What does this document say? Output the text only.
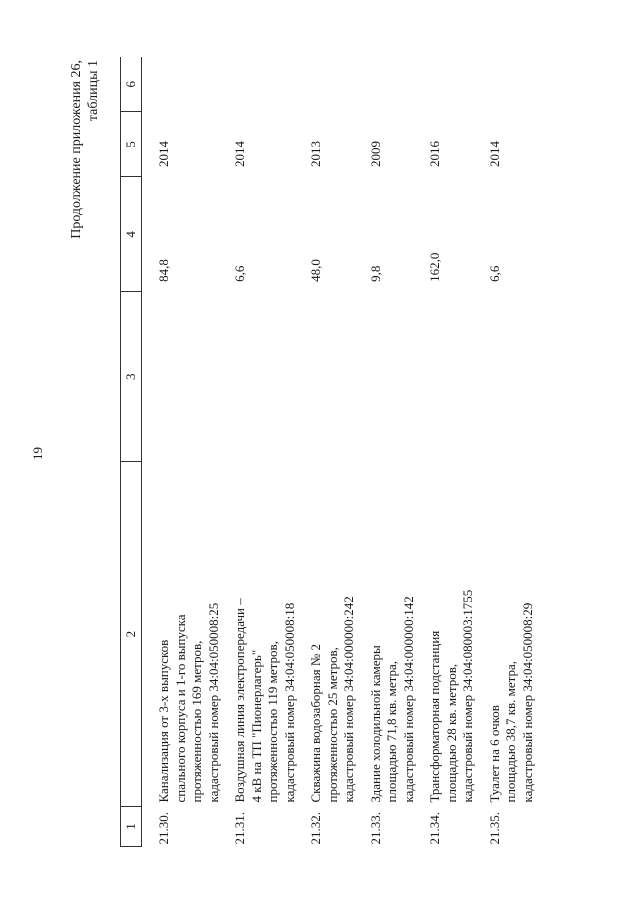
19
Продолжение приложения 26, таблицы 1
1	2	3	4	5	6
21.30.	Канализация от 3-х выпусков спального корпуса и 1-го выпуска протяженностью 169 метров, кадастровый номер 34:04:050008:25		84,8	2014	
21.31.	Воздушная линия электропередачи – 4 кВ на ТП "Пионерлагерь" протяженностью 119 метров, кадастровый номер 34:04:050008:18		6,6	2014	
21.32.	Скважина водозаборная № 2 протяженностью 25 метров, кадастровый номер 34:04:000000:242		48,0	2013	
21.33.	Здание холодильной камеры площадью 71,8 кв. метра, кадастровый номер 34:04:000000:142		9,8	2009	
21.34.	Трансформаторная подстанция площадью 28 кв. метров, кадастровый номер 34:04:080003:1755		162,0	2016	
21.35.	Туалет на 6 очков площадью 38,7 кв. метра, кадастровый номер 34:04:050008:29		6,6	2014	
